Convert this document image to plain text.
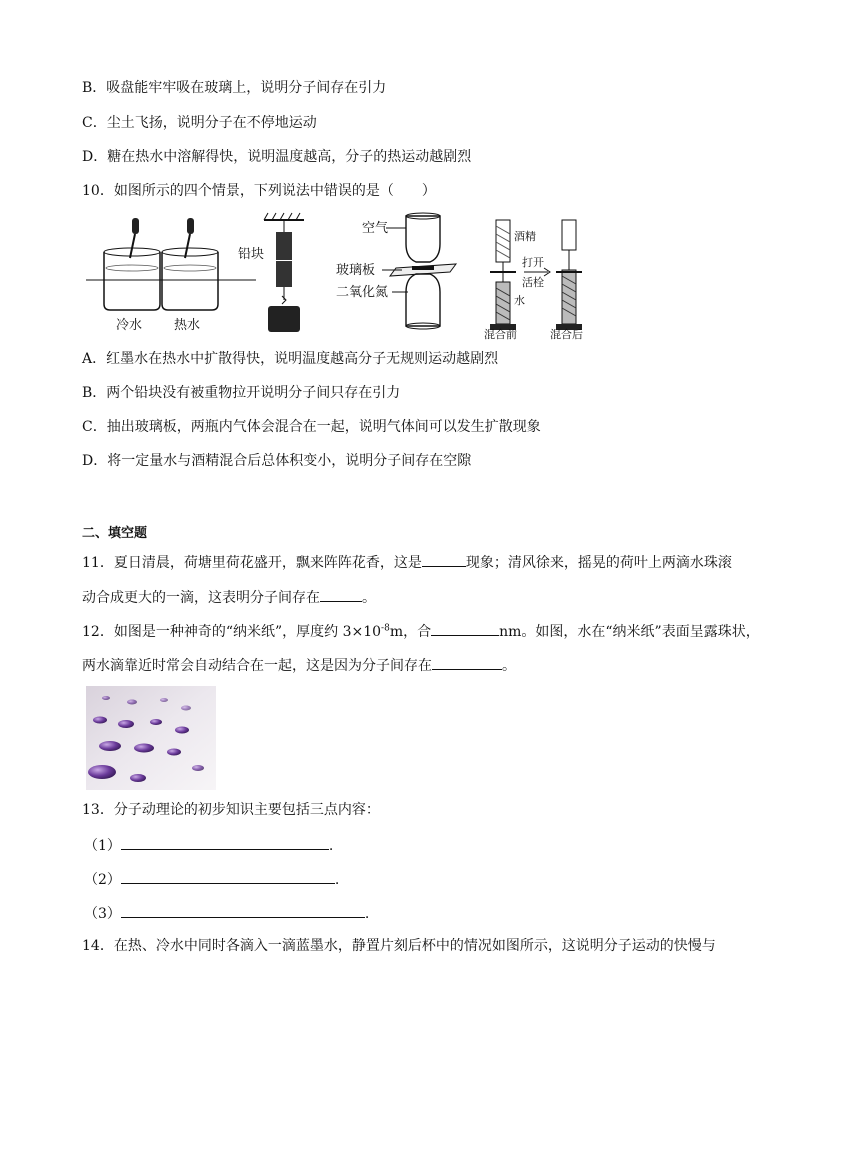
B．吸盘能牢牢吸在玻璃上，说明分子间存在引力
C．尘土飞扬，说明分子在不停地运动
D．糖在热水中溶解得快，说明温度越高，分子的热运动越剧烈
10．如图所示的四个情景，下列说法中错误的是（　　）
冷水 热水
铅块
空气
玻璃板
二氧化氮
酒精
打开
活栓
水
混合前	混合后
A．红墨水在热水中扩散得快，说明温度越高分子无规则运动越剧烈
B．两个铅块没有被重物拉开说明分子间只存在引力
C．抽出玻璃板，两瓶内气体会混合在一起，说明气体间可以发生扩散现象
D．将一定量水与酒精混合后总体积变小，说明分子间存在空隙
二、填空题
11．夏日清晨，荷塘里荷花盛开，飘来阵阵花香，这是	现象；清风徐来，摇晃的荷叶上两滴水珠滚
动合成更大的一滴，这表明分子间存在	。
12．如图是一种神奇的“纳米纸”，厚度约 $3\times 10^{-8}m$，合	nm。如图，水在“纳米纸”表面呈露珠状，
两水滴靠近时常会自动结合在一起，这是因为分子间存在	。
13．分子动理论的初步知识主要包括三点内容：
（1）	.
（2）	.
（3）	.
14．在热、冷水中同时各滴入一滴蓝墨水，静置片刻后杯中的情况如图所示，这说明分子运动的快慢与
